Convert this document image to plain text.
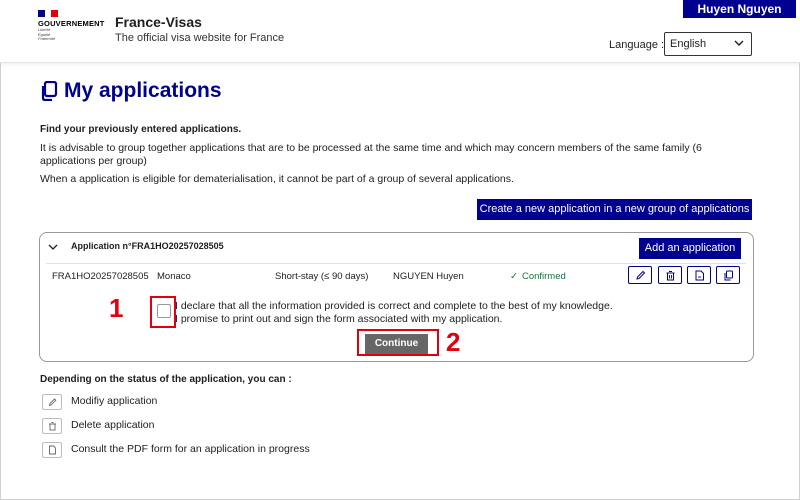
GOUVERNEMENT
Liberté
Égalité
Fraternité
France-Visas
The official visa website for France
Huyen Nguyen
Language : English
My applications
Find your previously entered applications.
It is advisable to group together applications that are to be processed at the same time and which may concern members of the same family (6 applications per group)
When a application is eligible for dematerialisation, it cannot be part of a group of several applications.
Create a new application in a new group of applications
Application n°FRA1HO20257028505	Add an application
FRA1HO20257028505 Monaco	Short-stay (≤ 90 days)	NGUYEN Huyen	✓ Confirmed
I declare that all the information provided is correct and complete to the best of my knowledge.
I promise to print out and sign the form associated with my application.
Continue
1
2
Depending on the status of the application, you can :
Modifiy application
Delete application
Consult the PDF form for an application in progress
